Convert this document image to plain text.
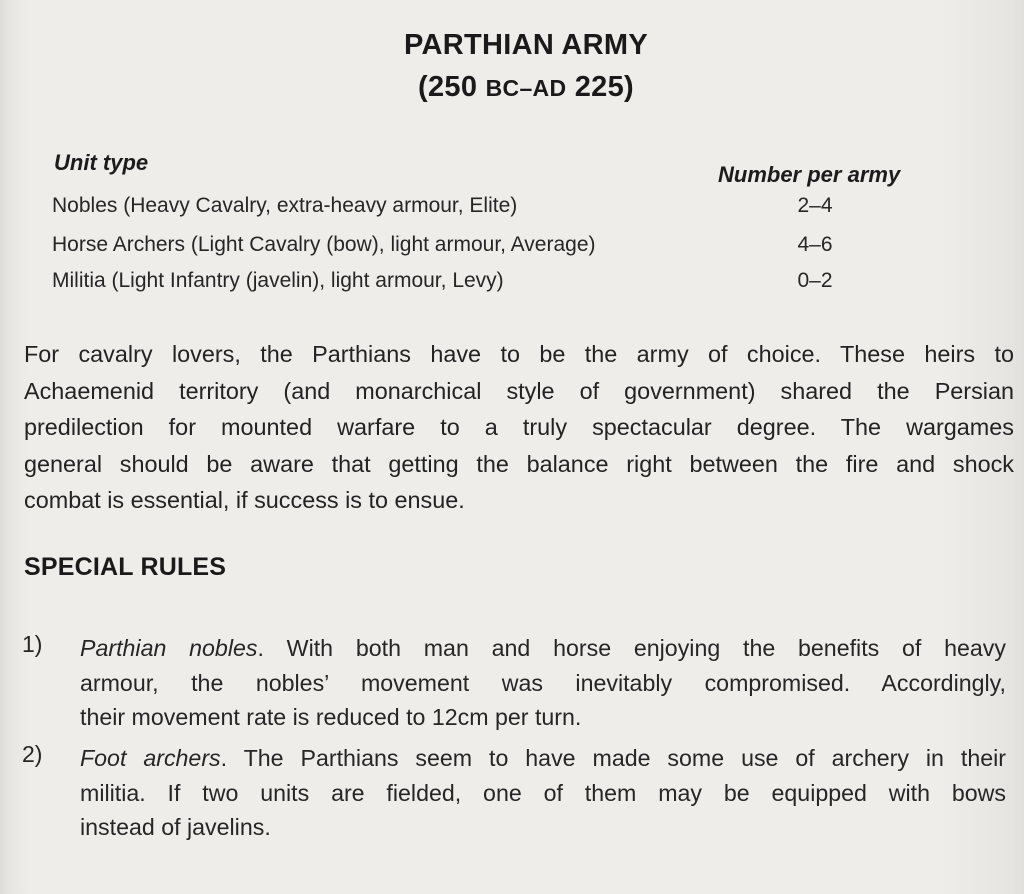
PARTHIAN ARMY
(250 BC–AD 225)
Unit type	Number per army
Nobles (Heavy Cavalry, extra-heavy armour, Elite)	2–4
Horse Archers (Light Cavalry (bow), light armour, Average)	4–6
Militia (Light Infantry (javelin), light armour, Levy)	0–2
For cavalry lovers, the Parthians have to be the army of choice. These heirs to
Achaemenid territory (and monarchical style of government) shared the Persian
predilection for mounted warfare to a truly spectacular degree. The wargames
general should be aware that getting the balance right between the fire and shock
combat is essential, if success is to ensue.
SPECIAL RULES
1) Parthian nobles. With both man and horse enjoying the benefits of heavy
armour, the nobles’ movement was inevitably compromised. Accordingly,
their movement rate is reduced to 12cm per turn.
2) Foot archers. The Parthians seem to have made some use of archery in their
militia. If two units are fielded, one of them may be equipped with bows
instead of javelins.
